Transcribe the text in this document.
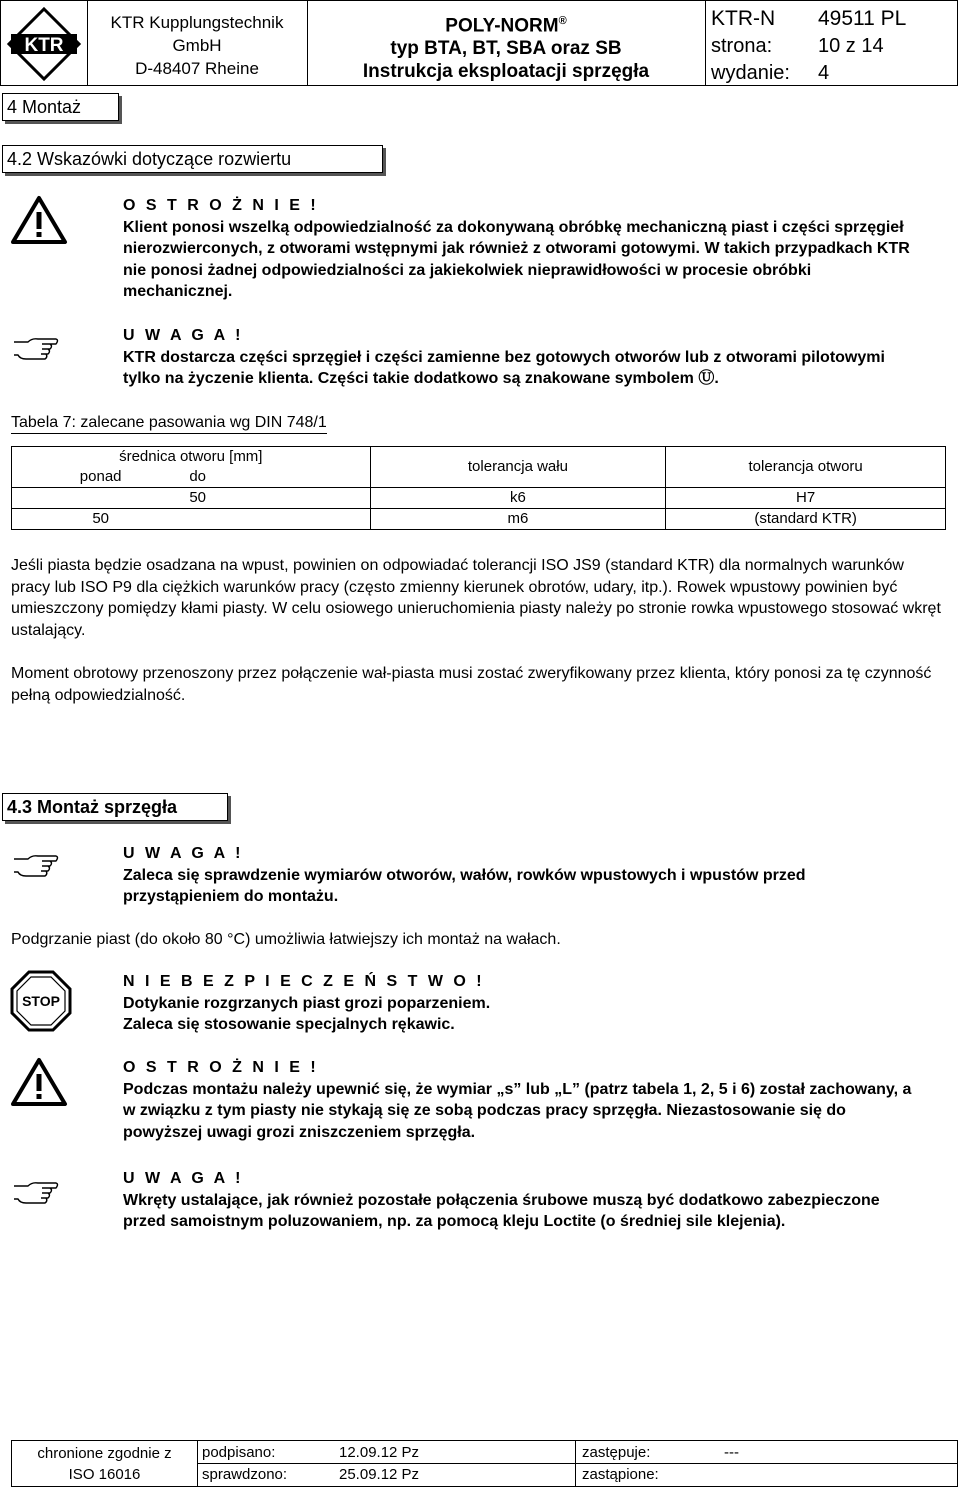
KTR
KTR Kupplungstechnik
GmbH
D-48407 Rheine
POLY-NORM®
typ BTA, BT, SBA oraz SB
Instrukcja eksploatacji sprzęgła
KTR-N 49511 PL
strona: 10 z 14
wydanie: 4
4 Montaż
4.2 Wskazówki dotyczące rozwiertu
O S T R O Ż N I E !
Klient ponosi wszelką odpowiedzialność za dokonywaną obróbkę mechaniczną piast i części sprzęgieł nierozwierconych, z otworami wstępnymi jak również z otworami gotowymi. W takich przypadkach KTR nie ponosi żadnej odpowiedzialności za jakiekolwiek nieprawidłowości w procesie obróbki mechanicznej.
U W A G A !
KTR dostarcza części sprzęgieł i części zamienne bez gotowych otworów lub z otworami pilotowymi tylko na życzenie klienta. Części takie dodatkowo są znakowane symbolem Ⓤ.
Tabela 7: zalecane pasowania wg DIN 748/1
średnica otworu [mm]		tolerancja wału	tolerancja otworu
ponad	do		
	50	k6	H7
50		m6	(standard KTR)
Jeśli piasta będzie osadzana na wpust, powinien on odpowiadać tolerancji ISO JS9 (standard KTR) dla normalnych warunków pracy lub ISO P9 dla ciężkich warunków pracy (często zmienny kierunek obrotów, udary, itp.). Rowek wpustowy powinien być umieszczony pomiędzy kłami piasty. W celu osiowego unieruchomienia piasty należy po stronie rowka wpustowego stosować wkręt ustalający.
Moment obrotowy przenoszony przez połączenie wał-piasta musi zostać zweryfikowany przez klienta, który ponosi za tę czynność pełną odpowiedzialność.
4.3 Montaż sprzęgła
U W A G A !
Zaleca się sprawdzenie wymiarów otworów, wałów, rowków wpustowych i wpustów przed przystąpieniem do montażu.
Podgrzanie piast (do około 80 °C) umożliwia łatwiejszy ich montaż na wałach.
STOP
N I E B E Z P I E C Z E Ń S T W O !
Dotykanie rozgrzanych piast grozi poparzeniem.
Zaleca się stosowanie specjalnych rękawic.
O S T R O Ż N I E !
Podczas montażu należy upewnić się, że wymiar „s” lub „L” (patrz tabela 1, 2, 5 i 6) został zachowany, a w związku z tym piasty nie stykają się ze sobą podczas pracy sprzęgła. Niezastosowanie się do powyższej uwagi grozi zniszczeniem sprzęgła.
U W A G A !
Wkręty ustalające, jak również pozostałe połączenia śrubowe muszą być dodatkowo zabezpieczone przed samoistnym poluzowaniem, np. za pomocą kleju Loctite (o średniej sile klejenia).
chronione zgodnie z
ISO 16016
podpisano:	12.09.12 Pz
sprawdzono:	25.09.12 Pz
zastępuje:	---
zastąpione:
